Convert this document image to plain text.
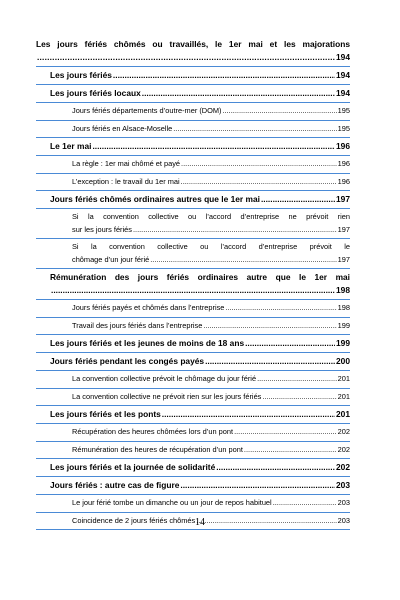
Les jours fériés chômés ou travaillés, le 1er mai et les majorations
.....
194
Les jours fériés .....	194
Les jours fériés locaux .....	194
Jours fériés départements d’outre-mer (DOM) .....	195
Jours fériés en Alsace-Moselle .....	195
Le 1er mai .....	196
La règle : 1er mai chômé et payé .....	196
L’exception : le travail du 1er mai .....	196
Jours fériés chômés ordinaires autres que le 1er mai .....	197
Si la convention collective ou l’accord d’entreprise ne prévoit rien
sur les jours fériés .....	197
Si la convention collective ou l’accord d’entreprise prévoit le
chômage d’un jour férié .....	197
Rémunération des jours fériés ordinaires autre que le 1er mai
.....
198
Jours fériés payés et chômés dans l’entreprise .....	198
Travail des jours fériés dans l’entreprise .....	199
Les jours fériés et les jeunes de moins de 18 ans .....	199
Jours fériés pendant les congés payés .....	200
La convention collective prévoit le chômage du jour férié .....	201
La convention collective ne prévoit rien sur les jours fériés .....	201
Les jours fériés et les ponts .....	201
Récupération des heures chômées lors d’un pont .....	202
Rémunération des heures de récupération d’un pont .....	202
Les jours fériés et la journée de solidarité .....	202
Jours fériés : autre cas de figure .....	203
Le jour férié tombe un dimanche ou un jour de repos habituel .....	203
Coincidence de 2 jours fériés chômés .....	203
14
